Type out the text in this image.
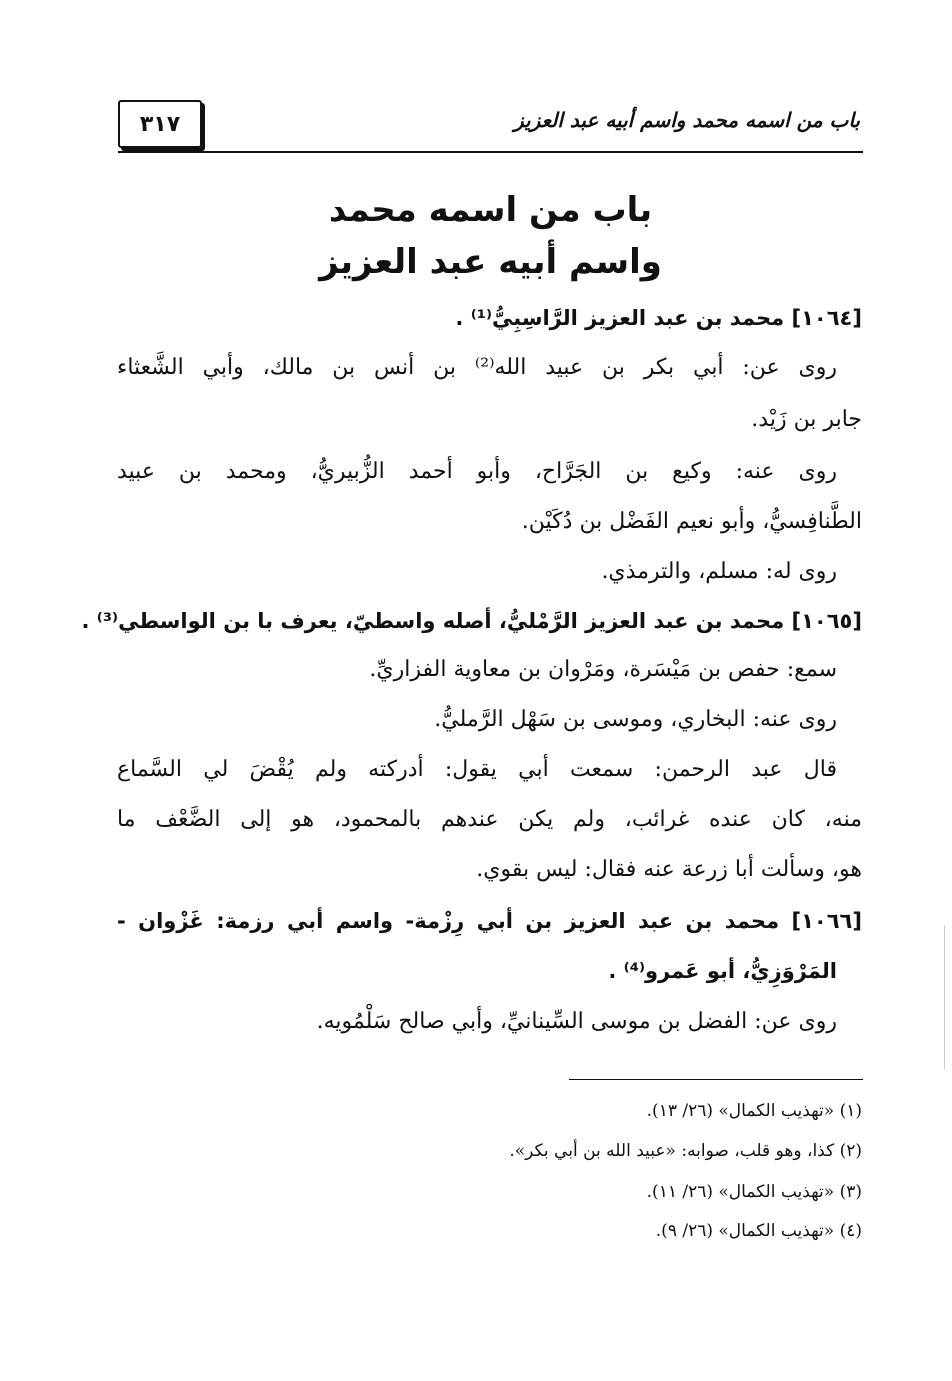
باب من اسمه محمد واسم أبيه عبد العزيز
٣١٧
باب من اسمه محمد
واسم أبيه عبد العزيز
[١٠٦٤] محمد بن عبد العزيز الرَّاسِبِيُّ⁽¹⁾ .
روى عن: أبي بكر بن عبيد الله⁽²⁾ بن أنس بن مالك، وأبي الشَّعثاء
جابر بن زَيْد.
روى عنه: وكيع بن الجَرَّاح، وأبو أحمد الزُّبيريُّ، ومحمد بن عبيد
الطَّنافِسيُّ، وأبو نعيم الفَضْل بن دُكَيْن.
روى له: مسلم، والترمذي.
[١٠٦٥] محمد بن عبد العزيز الرَّمْليُّ، أصله واسطيّ، يعرف با بن الواسطي⁽³⁾ .
سمع: حفص بن مَيْسَرة، ومَرْوان بن معاوية الفزاريِّ.
روى عنه: البخاري، وموسى بن سَهْل الرَّمليُّ.
قال عبد الرحمن: سمعت أبي يقول: أدركته ولم يُقْضَ لي السَّماع
منه، كان عنده غرائب، ولم يكن عندهم بالمحمود، هو إلى الضَّعْف ما
هو، وسألت أبا زرعة عنه فقال: ليس بقوي.
[١٠٦٦] محمد بن عبد العزيز بن أبي رِزْمة- واسم أبي رزمة: غَزْوان -
المَرْوَزِيُّ، أبو عَمرو⁽⁴⁾ .
روى عن: الفضل بن موسى السِّينانيِّ، وأبي صالح سَلْمُويه.
(١) «تهذيب الكمال» (٢٦/ ١٣).
(٢) كذا، وهو قلب، صوابه: «عبيد الله بن أبي بكر».
(٣) «تهذيب الكمال» (٢٦/ ١١).
(٤) «تهذيب الكمال» (٢٦/ ٩).
